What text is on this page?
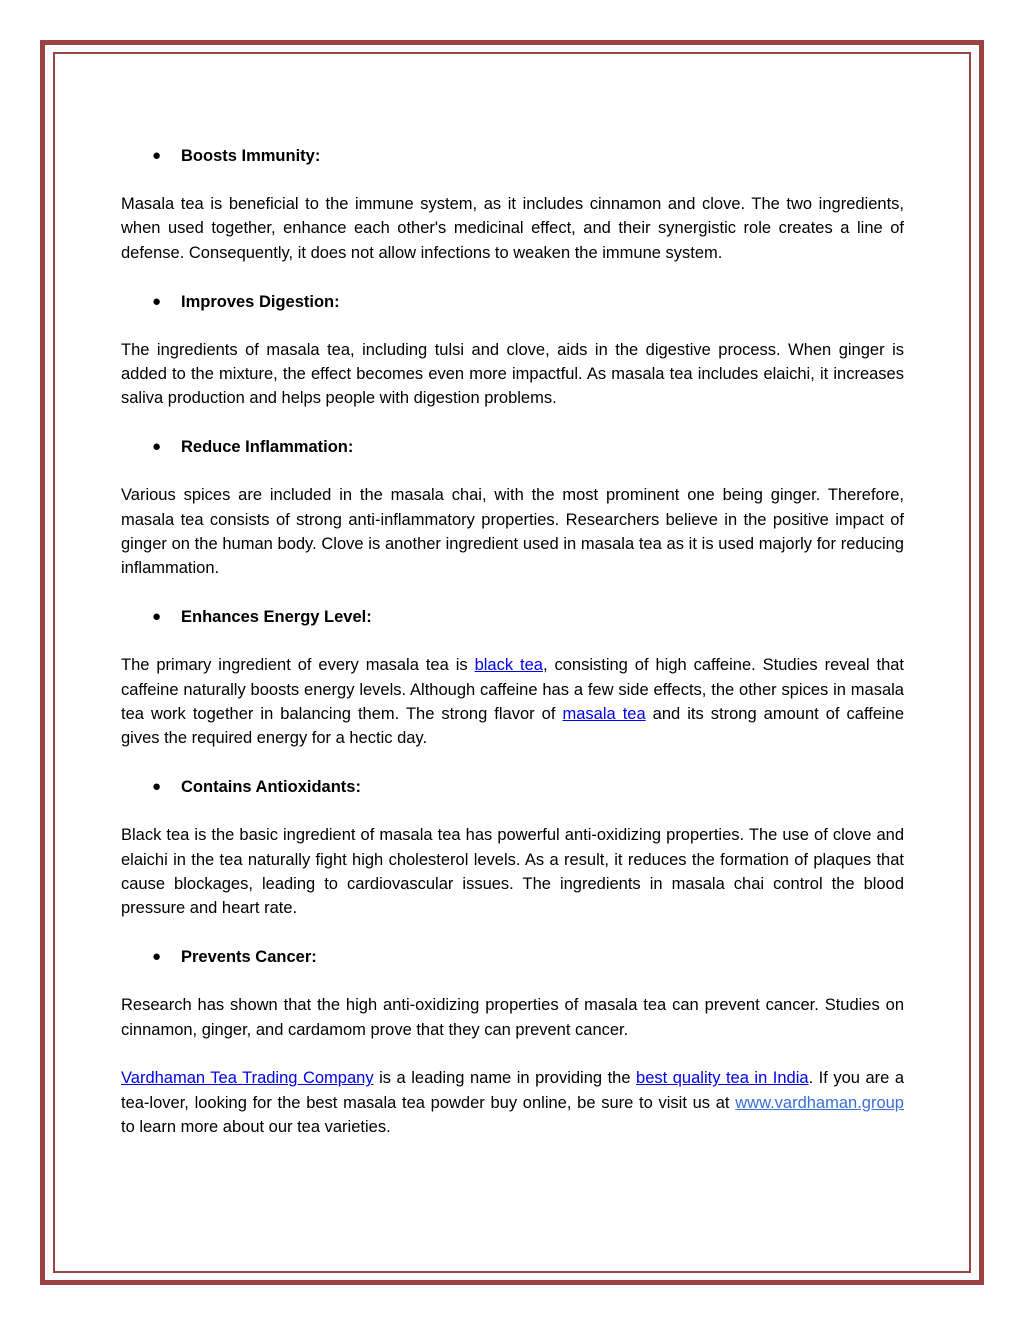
● Boosts Immunity:

Masala tea is beneficial to the immune system, as it includes cinnamon and clove. The two ingredients, when used together, enhance each other's medicinal effect, and their synergistic role creates a line of defense. Consequently, it does not allow infections to weaken the immune system.

● Improves Digestion:

The ingredients of masala tea, including tulsi and clove, aids in the digestive process. When ginger is added to the mixture, the effect becomes even more impactful. As masala tea includes elaichi, it increases saliva production and helps people with digestion problems.

● Reduce Inflammation:

Various spices are included in the masala chai, with the most prominent one being ginger. Therefore, masala tea consists of strong anti-inflammatory properties. Researchers believe in the positive impact of ginger on the human body. Clove is another ingredient used in masala tea as it is used majorly for reducing inflammation.

● Enhances Energy Level:

The primary ingredient of every masala tea is black tea, consisting of high caffeine. Studies reveal that caffeine naturally boosts energy levels. Although caffeine has a few side effects, the other spices in masala tea work together in balancing them. The strong flavor of masala tea and its strong amount of caffeine gives the required energy for a hectic day.

● Contains Antioxidants:

Black tea is the basic ingredient of masala tea has powerful anti-oxidizing properties. The use of clove and elaichi in the tea naturally fight high cholesterol levels. As a result, it reduces the formation of plaques that cause blockages, leading to cardiovascular issues. The ingredients in masala chai control the blood pressure and heart rate.

● Prevents Cancer:

Research has shown that the high anti-oxidizing properties of masala tea can prevent cancer. Studies on cinnamon, ginger, and cardamom prove that they can prevent cancer.

Vardhaman Tea Trading Company is a leading name in providing the best quality tea in India. If you are a tea-lover, looking for the best masala tea powder buy online, be sure to visit us at www.vardhaman.group to learn more about our tea varieties.
